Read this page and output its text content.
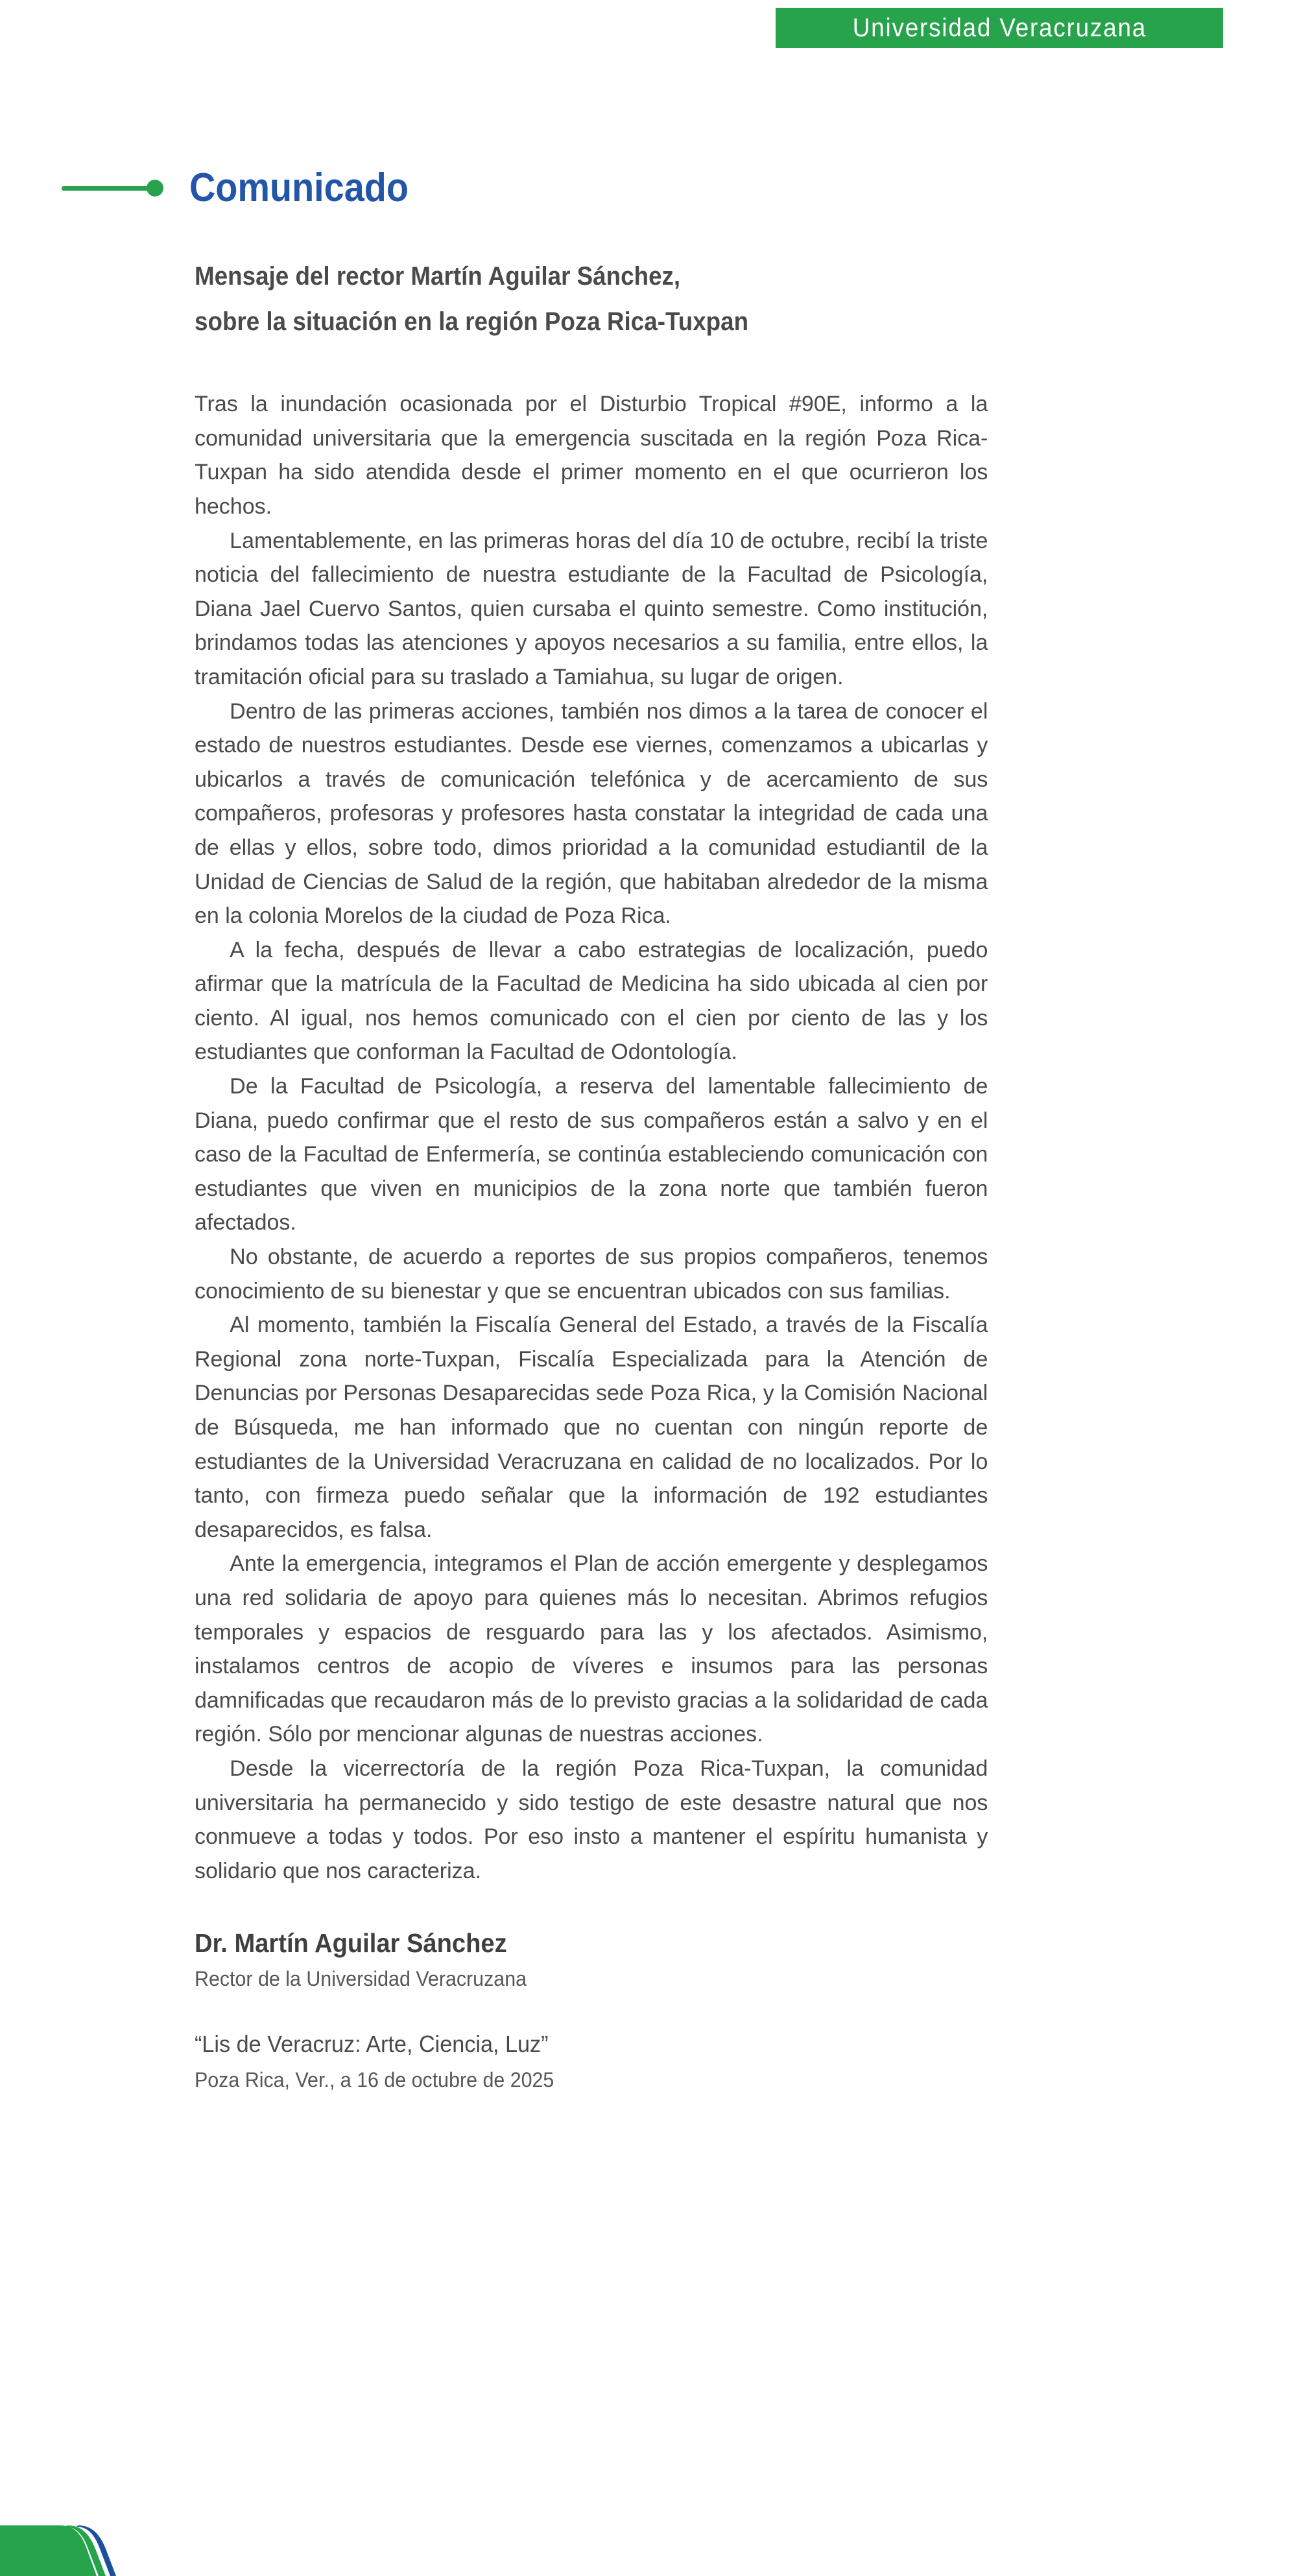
Universidad Veracruzana
Comunicado
Mensaje del rector Martín Aguilar Sánchez,
sobre la situación en la región Poza Rica-Tuxpan

Tras la inundación ocasionada por el Disturbio Tropical #90E, informo a la comunidad universitaria que la emergencia suscitada en la región Poza Rica-Tuxpan ha sido atendida desde el primer momento en el que ocurrieron los hechos.

Lamentablemente, en las primeras horas del día 10 de octubre, recibí la triste noticia del fallecimiento de nuestra estudiante de la Facultad de Psicología, Diana Jael Cuervo Santos, quien cursaba el quinto semestre. Como institución, brindamos todas las atenciones y apoyos necesarios a su familia, entre ellos, la tramitación oficial para su traslado a Tamiahua, su lugar de origen.

Dentro de las primeras acciones, también nos dimos a la tarea de conocer el estado de nuestros estudiantes. Desde ese viernes, comenzamos a ubicarlas y ubicarlos a través de comunicación telefónica y de acercamiento de sus compañeros, profesoras y profesores hasta constatar la integridad de cada una de ellas y ellos, sobre todo, dimos prioridad a la comunidad estudiantil de la Unidad de Ciencias de Salud de la región, que habitaban alrededor de la misma en la colonia Morelos de la ciudad de Poza Rica.

A la fecha, después de llevar a cabo estrategias de localización, puedo afirmar que la matrícula de la Facultad de Medicina ha sido ubicada al cien por ciento. Al igual, nos hemos comunicado con el cien por ciento de las y los estudiantes que conforman la Facultad de Odontología.

De la Facultad de Psicología, a reserva del lamentable fallecimiento de Diana, puedo confirmar que el resto de sus compañeros están a salvo y en el caso de la Facultad de Enfermería, se continúa estableciendo comunicación con estudiantes que viven en municipios de la zona norte que también fueron afectados.

No obstante, de acuerdo a reportes de sus propios compañeros, tenemos conocimiento de su bienestar y que se encuentran ubicados con sus familias.

Al momento, también la Fiscalía General del Estado, a través de la Fiscalía Regional zona norte-Tuxpan, Fiscalía Especializada para la Atención de Denuncias por Personas Desaparecidas sede Poza Rica, y la Comisión Nacional de Búsqueda, me han informado que no cuentan con ningún reporte de estudiantes de la Universidad Veracruzana en calidad de no localizados. Por lo tanto, con firmeza puedo señalar que la información de 192 estudiantes desaparecidos, es falsa.

Ante la emergencia, integramos el Plan de acción emergente y desplegamos una red solidaria de apoyo para quienes más lo necesitan. Abrimos refugios temporales y espacios de resguardo para las y los afectados. Asimismo, instalamos centros de acopio de víveres e insumos para las personas damnificadas que recaudaron más de lo previsto gracias a la solidaridad de cada región. Sólo por mencionar algunas de nuestras acciones.

Desde la vicerrectoría de la región Poza Rica-Tuxpan, la comunidad universitaria ha permanecido y sido testigo de este desastre natural que nos conmueve a todas y todos. Por eso insto a mantener el espíritu humanista y solidario que nos caracteriza.

Dr. Martín Aguilar Sánchez
Rector de la Universidad Veracruzana
“Lis de Veracruz: Arte, Ciencia, Luz”
Poza Rica, Ver., a 16 de octubre de 2025
